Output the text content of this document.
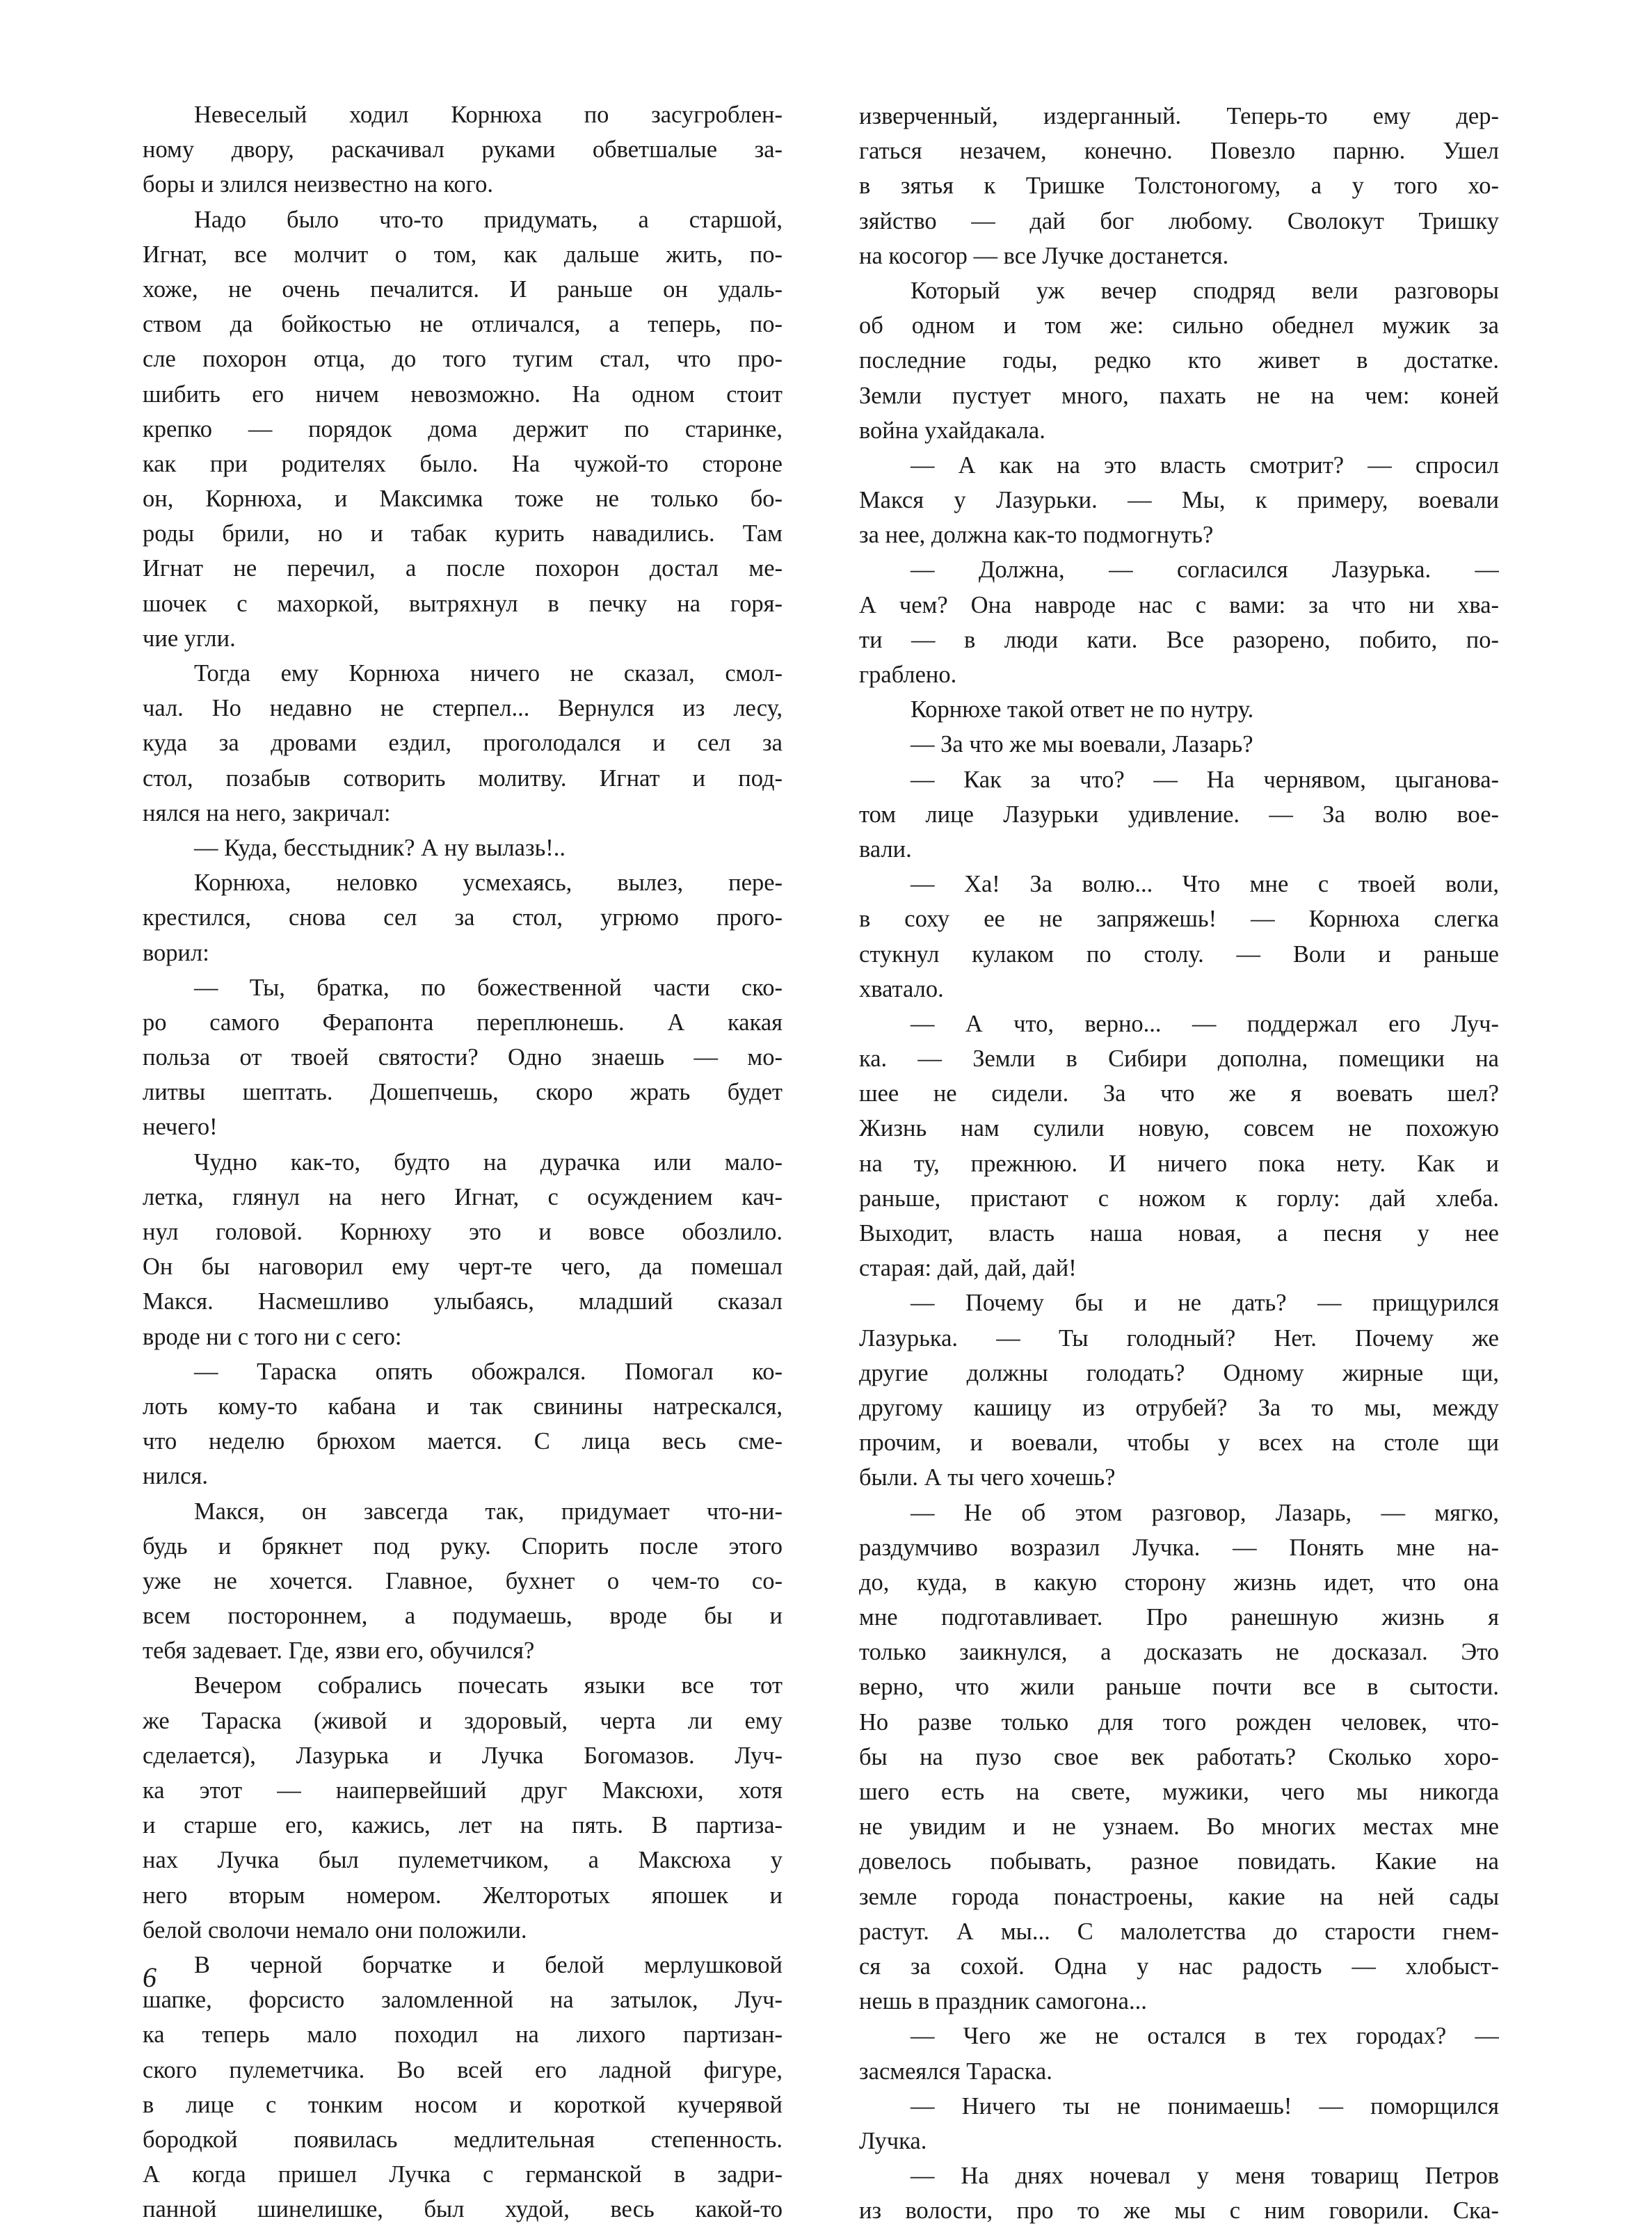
Невеселый ходил Корнюха по засугроблен-
ному двору, раскачивал руками обветшалые за-
боры и злился неизвестно на кого.
Надо было что-то придумать, а старшой,
Игнат, все молчит о том, как дальше жить, по-
хоже, не очень печалится. И раньше он удаль-
ством да бойкостью не отличался, а теперь, по-
сле похорон отца, до того тугим стал, что про-
шибить его ничем невозможно. На одном стоит
крепко — порядок дома держит по старинке,
как при родителях было. На чужой-то стороне
он, Корнюха, и Максимка тоже не только бо-
роды брили, но и табак курить навадились. Там
Игнат не перечил, а после похорон достал ме-
шочек с махоркой, вытряхнул в печку на горя-
чие угли.
Тогда ему Корнюха ничего не сказал, смол-
чал. Но недавно не стерпел... Вернулся из лесу,
куда за дровами ездил, проголодался и сел за
стол, позабыв сотворить молитву. Игнат и под-
нялся на него, закричал:
— Куда, бесстыдник? А ну вылазь!..
Корнюха, неловко усмехаясь, вылез, пере-
крестился, снова сел за стол, угрюмо прого-
ворил:
— Ты, братка, по божественной части ско-
ро самого Ферапонта переплюнешь. А какая
польза от твоей святости? Одно знаешь — мо-
литвы шептать. Дошепчешь, скоро жрать будет
нечего!
Чудно как-то, будто на дурачка или мало-
летка, глянул на него Игнат, с осуждением кач-
нул головой. Корнюху это и вовсе обозлило.
Он бы наговорил ему черт-те чего, да помешал
Макся. Насмешливо улыбаясь, младший сказал
вроде ни с того ни с сего:
— Тараска опять обожрался. Помогал ко-
лоть кому-то кабана и так свинины натрескался,
что неделю брюхом мается. С лица весь сме-
нился.
Макся, он завсегда так, придумает что-ни-
будь и брякнет под руку. Спорить после этого
уже не хочется. Главное, бухнет о чем-то со-
всем постороннем, а подумаешь, вроде бы и
тебя задевает. Где, язви его, обучился?
Вечером собрались почесать языки все тот
же Тараска (живой и здоровый, черта ли ему
сделается), Лазурька и Лучка Богомазов. Луч-
ка этот — наипервейший друг Максюхи, хотя
и старше его, кажись, лет на пять. В партиза-
нах Лучка был пулеметчиком, а Максюха у
него вторым номером. Желторотых япошек и
белой сволочи немало они положили.
В черной борчатке и белой мерлушковой
шапке, форсисто заломленной на затылок, Луч-
ка теперь мало походил на лихого партизан-
ского пулеметчика. Во всей его ладной фигуре,
в лице с тонким носом и короткой кучерявой
бородкой появилась медлительная степенность.
А когда пришел Лучка с германской в задри-
панной шинелишке, был худой, весь какой-то
изверченный, издерганный. Теперь-то ему дер-
гаться незачем, конечно. Повезло парню. Ушел
в зятья к Тришке Толстоногому, а у того хо-
зяйство — дай бог любому. Сволокут Тришку
на косогор — все Лучке достанется.
Который уж вечер сподряд вели разговоры
об одном и том же: сильно обеднел мужик за
последние годы, редко кто живет в достатке.
Земли пустует много, пахать не на чем: коней
война ухайдакала.
— А как на это власть смотрит? — спросил
Макся у Лазурьки. — Мы, к примеру, воевали
за нее, должна как-то подмогнуть?
— Должна, — согласился Лазурька. —
А чем? Она навроде нас с вами: за что ни хва-
ти — в люди кати. Все разорено, побито, по-
граблено.
Корнюхе такой ответ не по нутру.
— За что же мы воевали, Лазарь?
— Как за что? — На чернявом, цыганова-
том лице Лазурьки удивление. — За волю вое-
вали.
— Ха! За волю... Что мне с твоей воли,
в соху ее не запряжешь! — Корнюха слегка
стукнул кулаком по столу. — Воли и раньше
хватало.
— А что, верно... — поддержал его Луч-
ка. — Земли в Сибири дополна, помещики на
шее не сидели. За что же я воевать шел?
Жизнь нам сулили новую, совсем не похожую
на ту, прежнюю. И ничего пока нету. Как и
раньше, пристают с ножом к горлу: дай хлеба.
Выходит, власть наша новая, а песня у нее
старая: дай, дай, дай!
— Почему бы и не дать? — прищурился
Лазурька. — Ты голодный? Нет. Почему же
другие должны голодать? Одному жирные щи,
другому кашицу из отрубей? За то мы, между
прочим, и воевали, чтобы у всех на столе щи
были. А ты чего хочешь?
— Не об этом разговор, Лазарь, — мягко,
раздумчиво возразил Лучка. — Понять мне на-
до, куда, в какую сторону жизнь идет, что она
мне подготавливает. Про ранешную жизнь я
только заикнулся, а досказать не досказал. Это
верно, что жили раньше почти все в сытости.
Но разве только для того рожден человек, что-
бы на пузо свое век работать? Сколько хоро-
шего есть на свете, мужики, чего мы никогда
не увидим и не узнаем. Во многих местах мне
довелось побывать, разное повидать. Какие на
земле города понастроены, какие на ней сады
растут. А мы... С малолетства до старости гнем-
ся за сохой. Одна у нас радость — хлобыст-
нешь в праздник самогона...
— Чего же не остался в тех городах? —
засмеялся Тараска.
— Ничего ты не понимаешь! — поморщился
Лучка.
— На днях ночевал у меня товарищ Петров
из волости, про то же мы с ним говорили. Ска-
6
